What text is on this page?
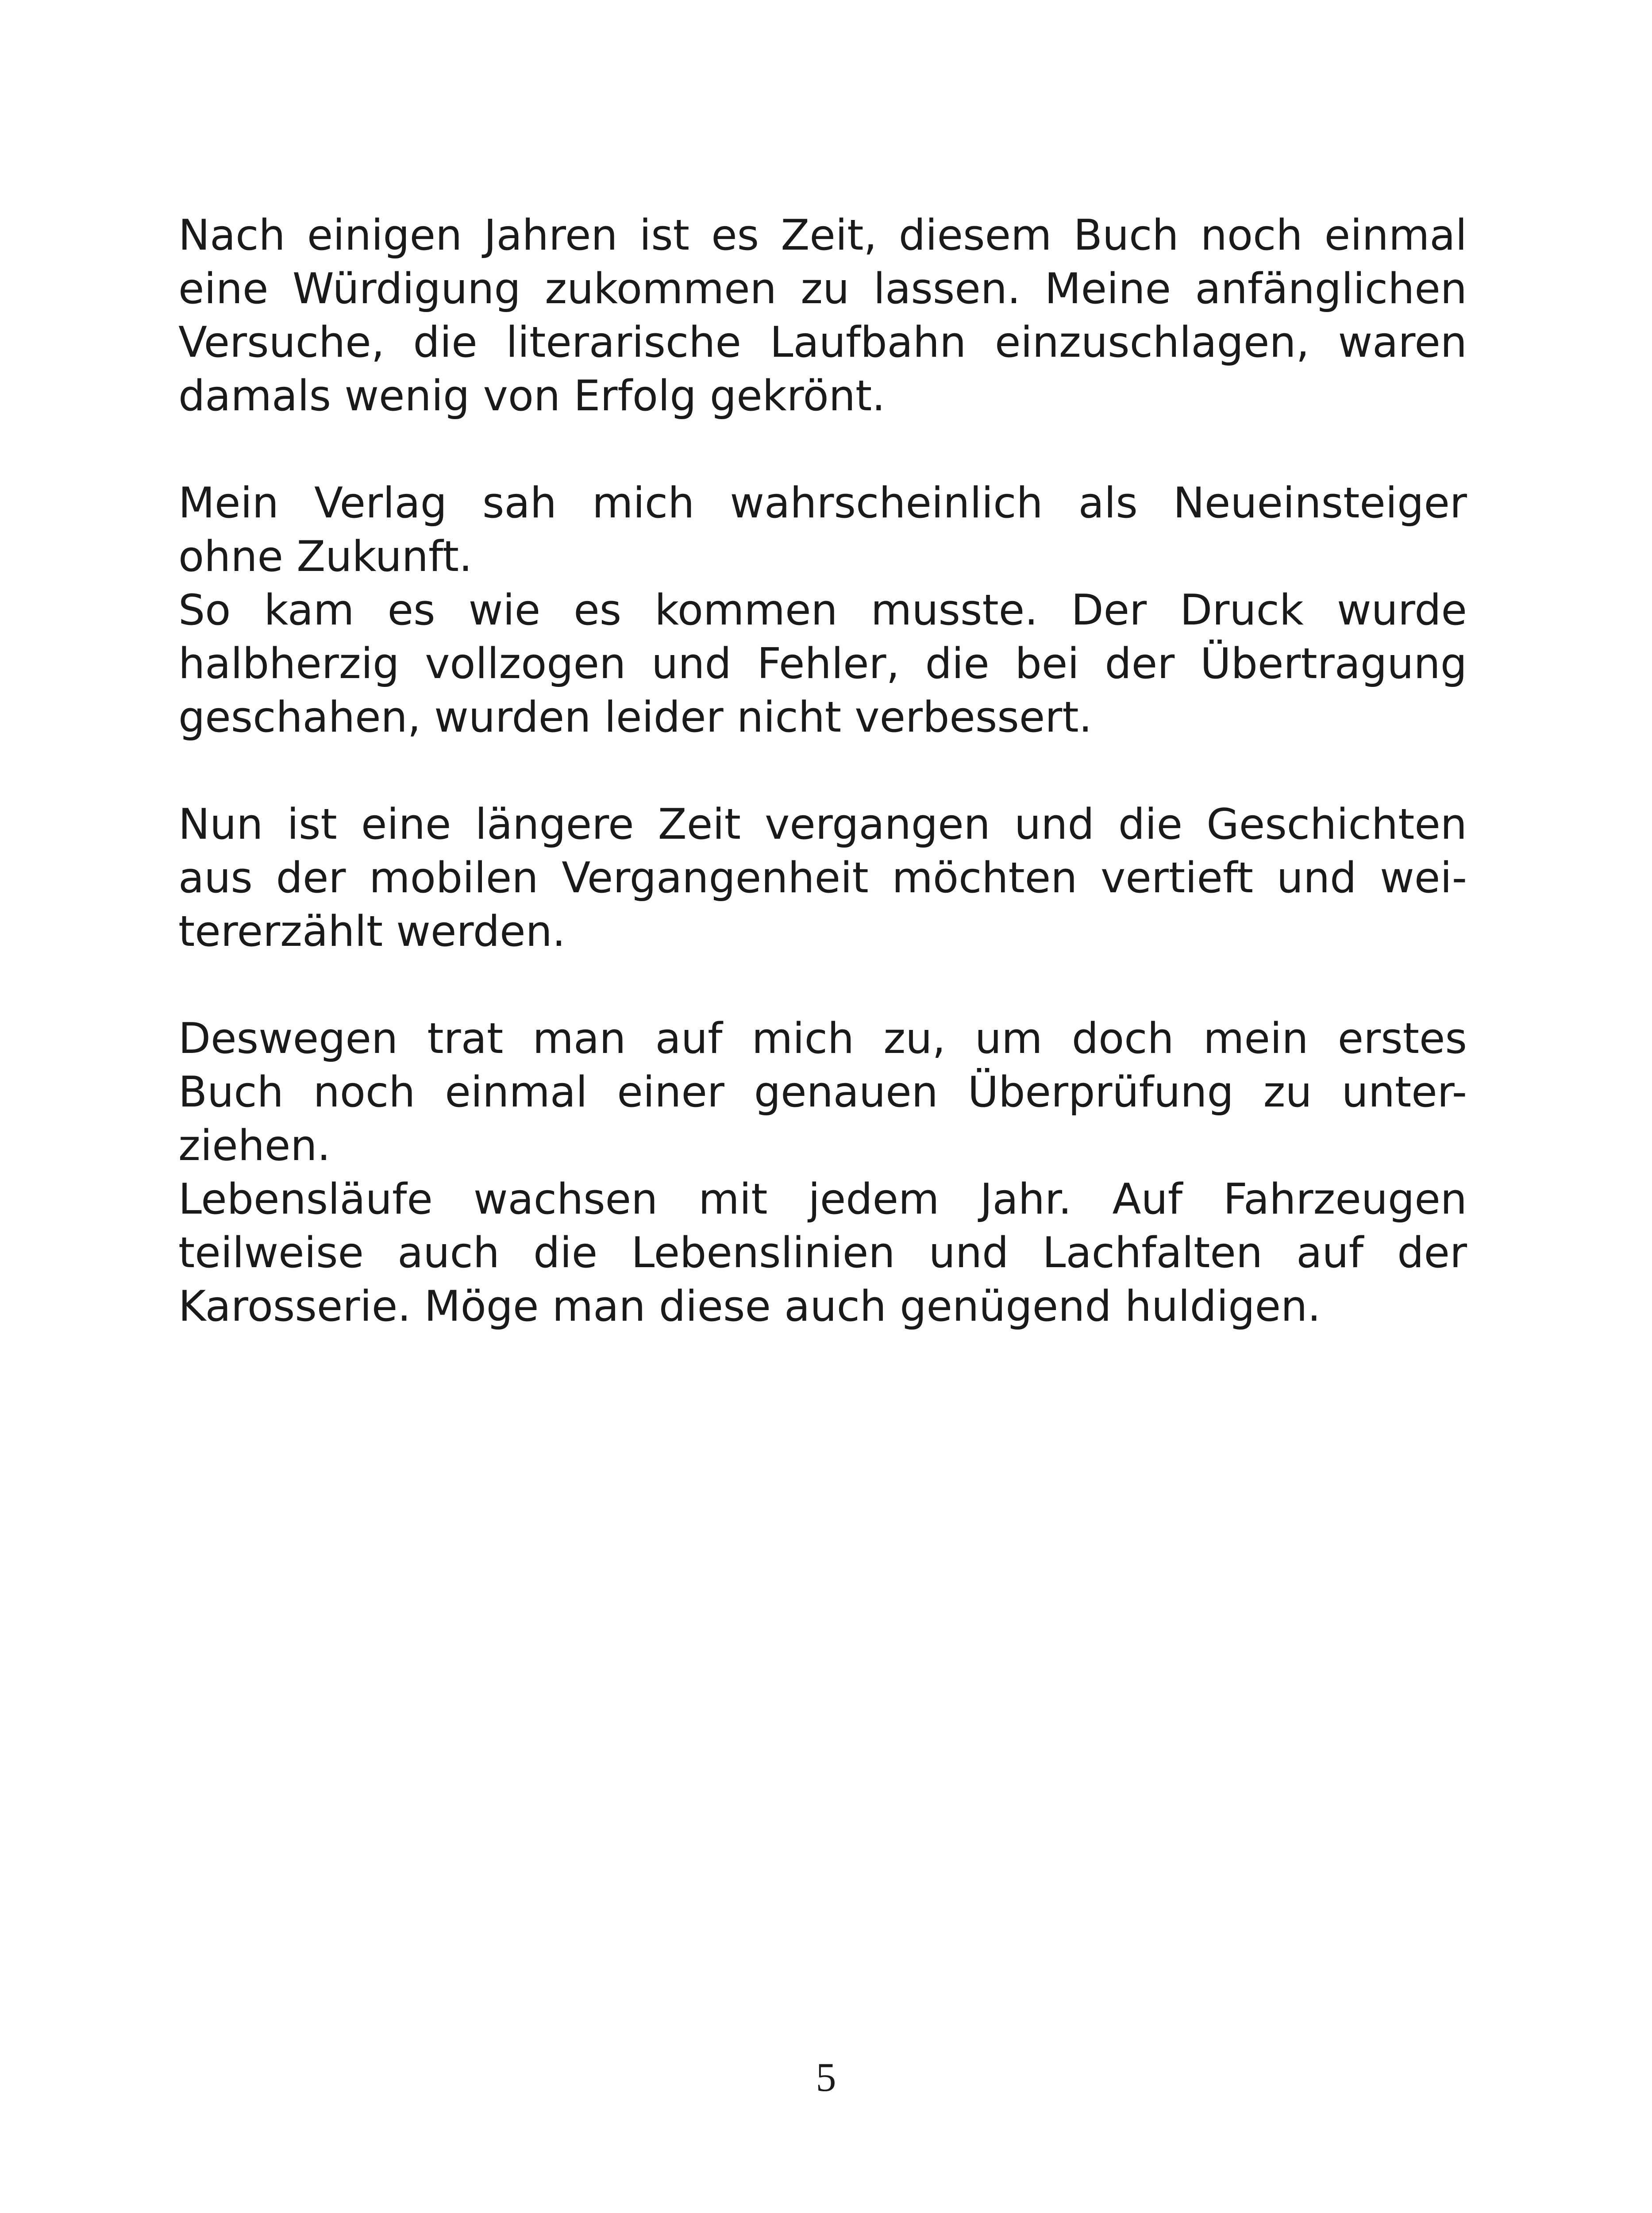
Nach einigen Jahren ist es Zeit, diesem Buch noch einmal
eine Würdigung zukommen zu lassen. Meine anfänglichen
Versuche, die literarische Laufbahn einzuschlagen, waren
damals wenig von Erfolg gekrönt.
Mein Verlag sah mich wahrscheinlich als Neueinsteiger
ohne Zukunft.
So kam es wie es kommen musste. Der Druck wurde
halbherzig vollzogen und Fehler, die bei der Übertragung
geschahen, wurden leider nicht verbessert.
Nun ist eine längere Zeit vergangen und die Geschichten
aus der mobilen Vergangenheit möchten vertieft und wei-
tererzählt werden.
Deswegen trat man auf mich zu, um doch mein erstes
Buch noch einmal einer genauen Überprüfung zu unter-
ziehen.
Lebensläufe wachsen mit jedem Jahr. Auf Fahrzeugen
teilweise auch die Lebenslinien und Lachfalten auf der
Karosserie. Möge man diese auch genügend huldigen.
5
